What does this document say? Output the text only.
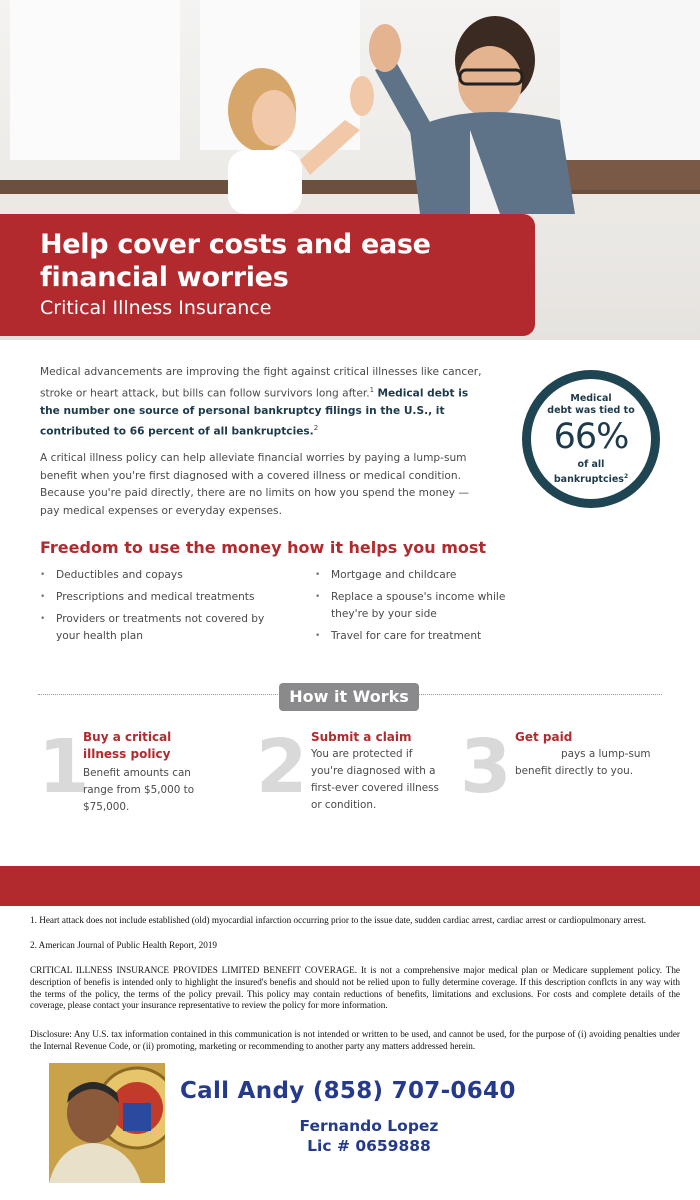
Help cover costs and ease
financial worries
Critical Illness Insurance

Medical advancements are improving the fight against critical illnesses like cancer, stroke or heart attack, but bills can follow survivors long after.$^1$ Medical debt is the number one source of personal bankruptcy filings in the U.S., it contributed to 66 percent of all bankruptcies.$^2$

A critical illness policy can help alleviate financial worries by paying a lump-sum benefit when you're first diagnosed with a covered illness or medical condition. Because you're paid directly, there are no limits on how you spend the money — pay medical expenses or everyday expenses.

Medical
debt was tied to
66%
of all
bankruptcies$^2$
Freedom to use the money how it helps you most
• Deductibles and copays
• Prescriptions and medical treatments
• Providers or treatments not covered by your health plan
• Mortgage and childcare
• Replace a spouse's income while they're by your side
• Travel for care for treatment
How it Works
1
Buy a critical illness policy
Benefit amounts can range from $5,000 to $75,000.	2 Submit a claim
You are protected if you're diagnosed with a first-ever covered illness or condition.	3 Get paid
pays a lump-sum benefit directly to you.

1. Heart attack does not include established (old) myocardial infarction occurring prior to the issue date, sudden cardiac arrest, cardiac arrest or cardiopulmonary arrest.

2. American Journal of Public Health Report, 2019

CRITICAL ILLNESS INSURANCE PROVIDES LIMITED BENEFIT COVERAGE. It is not a comprehensive major medical plan or Medicare supplement policy. The description of benefis is intended only to highlight the insured's benefis and should not be relied upon to fully determine coverage. If this description conflcts in any way with the terms of the policy, the terms of the policy prevail. This policy may contain reductions of benefits, limitations and exclusions. For costs and complete details of the coverage, please contact your insurance representative to review the policy for more information.

Disclosure: Any U.S. tax information contained in this communication is not intended or written to be used, and cannot be used, for the purpose of (i) avoiding penalties under the Internal Revenue Code, or (ii) promoting, marketing or recommending to another party any matters addressed herein.

Call Andy (858) 707-0640
Fernando Lopez
Lic # 0659888
